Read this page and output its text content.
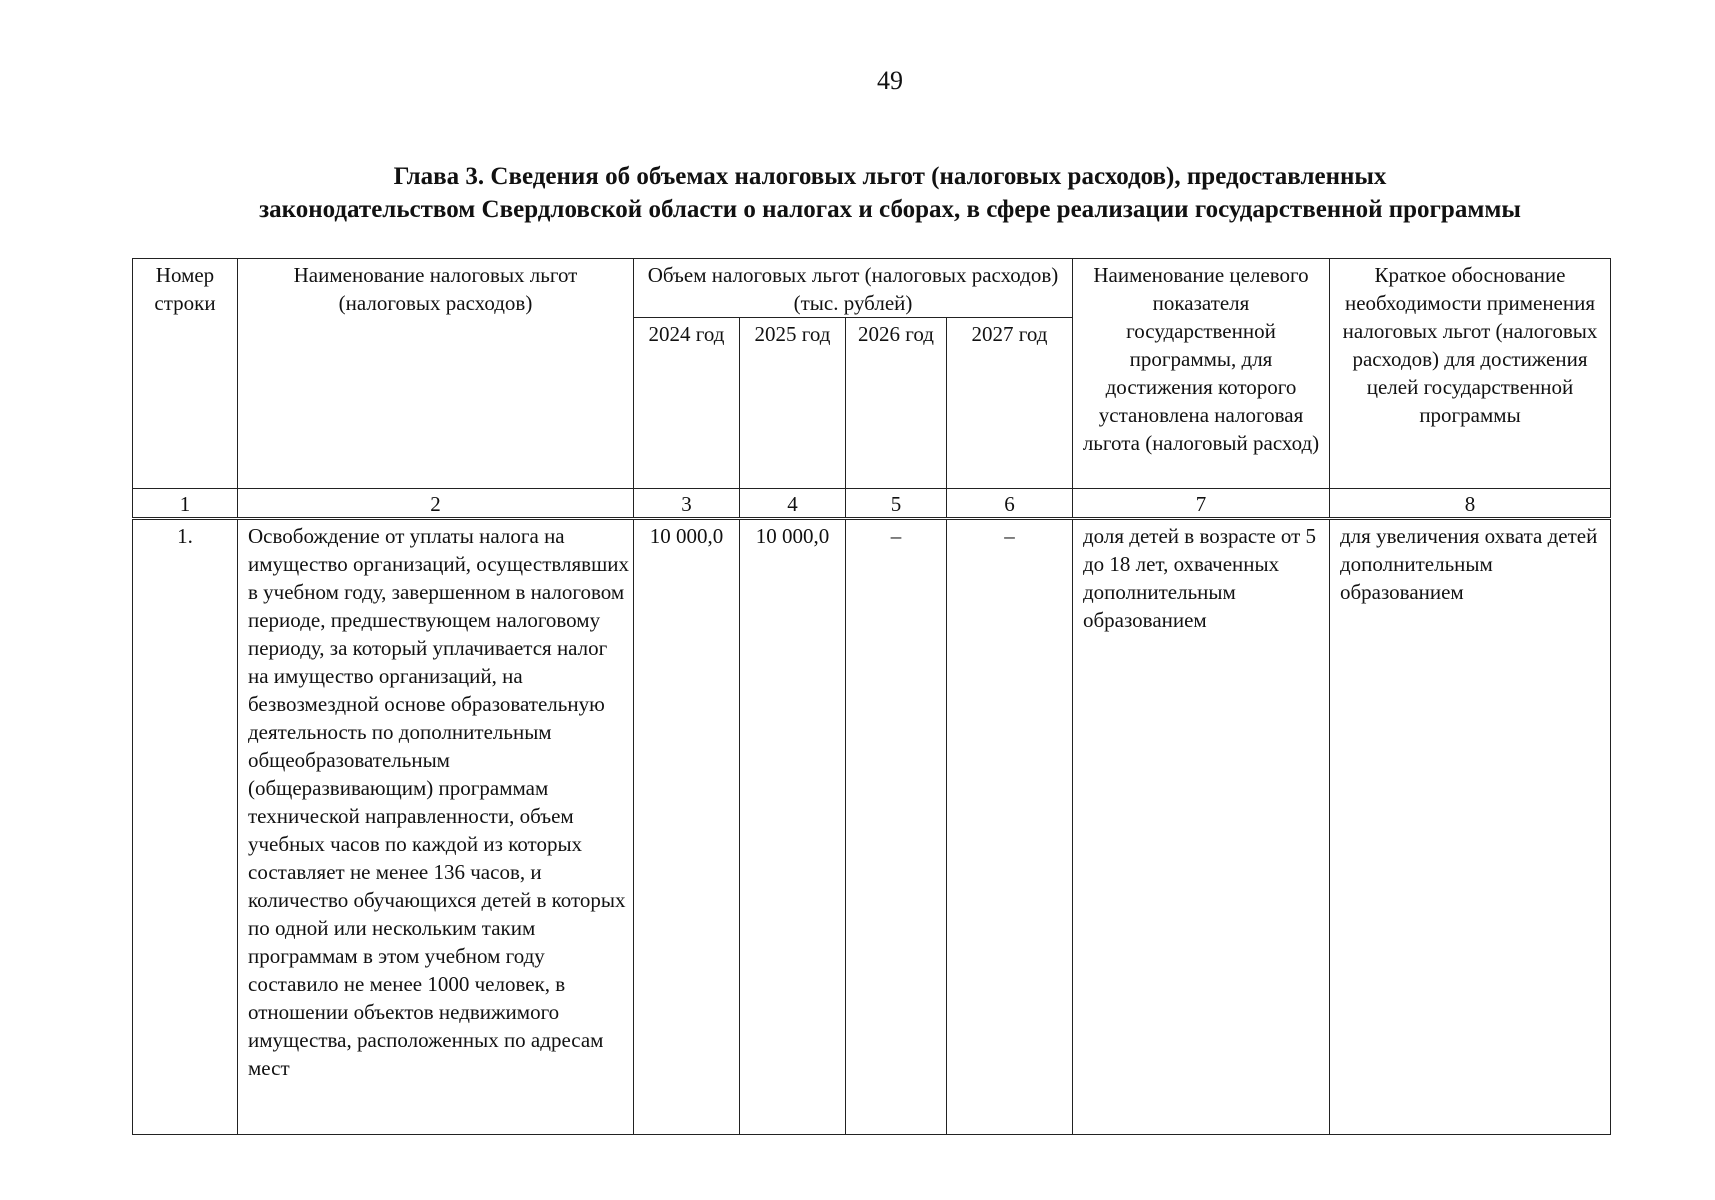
49
Глава 3. Сведения об объемах налоговых льгот (налоговых расходов), предоставленных
законодательством Свердловской области о налогах и сборах, в сфере реализации государственной программы
Номер строки	Наименование налоговых льгот (налоговых расходов)	Объем налоговых льгот (налоговых расходов) (тыс. рублей)				Наименование целевого показателя государственной программы, для достижения которого установлена налоговая льгота (налоговый расход)	Краткое обоснование необходимости применения налоговых льгот (налоговых расходов) для достижения целей государственной программы
		2024 год	2025 год	2026 год	2027 год		
1	2	3	4	5	6	7	8
1.	Освобождение от уплаты налога на имущество организаций, осуществлявших в учебном году, завершенном в налоговом периоде, предшествующем налоговому периоду, за который уплачивается налог на имущество организаций, на безвозмездной основе образовательную деятельность по дополнительным общеобразовательным (общеразвивающим) программам технической направленности, объем учебных часов по каждой из которых составляет не менее 136 часов, и количество обучающихся детей в которых по одной или нескольким таким программам в этом учебном году составило не менее 1000 человек, в отношении объектов недвижимого имущества, расположенных по адресам мест	10 000,0	10 000,0	–	–	доля детей в возрасте от 5 до 18 лет, охваченных дополнительным образованием	для увеличения охвата детей дополнительным образованием
